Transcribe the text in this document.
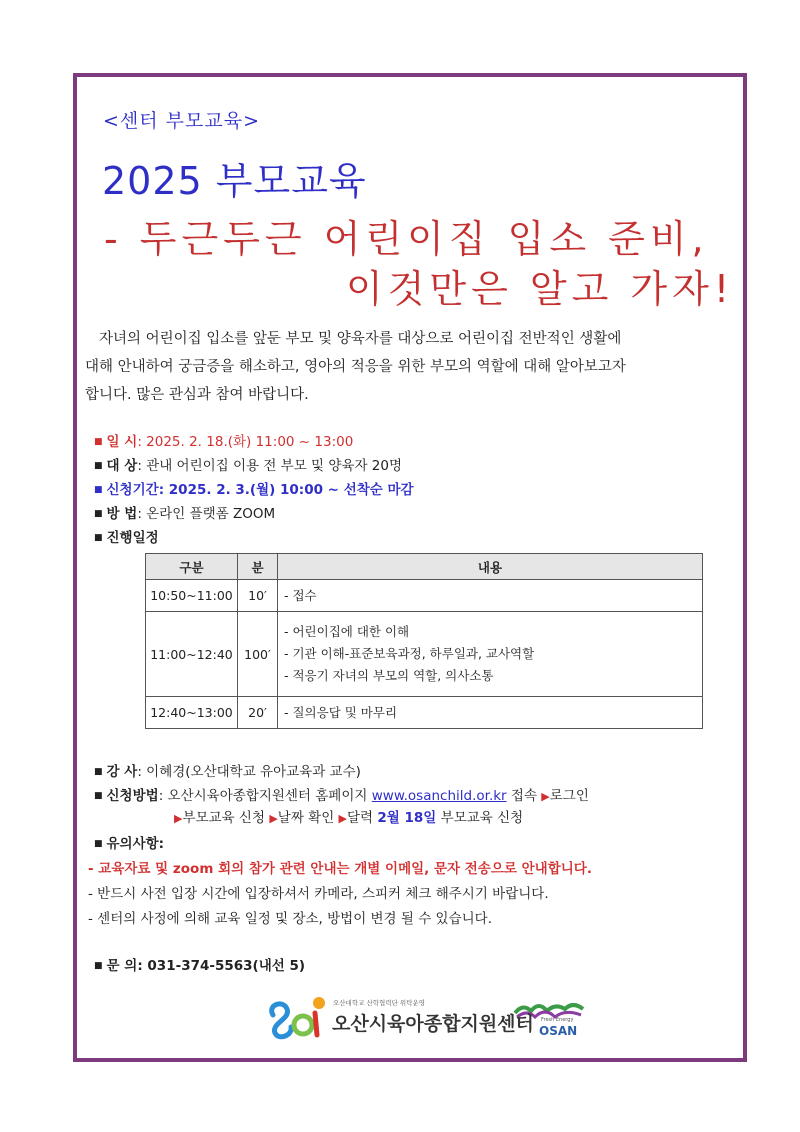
<센터 부모교육>
2025 부모교육
- 두근두근 어린이집 입소 준비,
이것만은 알고 가자!
자녀의 어린이집 입소를 앞둔 부모 및 양육자를 대상으로 어린이집 전반적인 생활에
대해 안내하여 궁금증을 해소하고, 영아의 적응을 위한 부모의 역할에 대해 알아보고자
합니다. 많은 관심과 참여 바랍니다.
■ 일 시: 2025. 2. 18.(화) 11:00 ~ 13:00
■ 대 상: 관내 어린이집 이용 전 부모 및 양육자 20명
■ 신청기간: 2025. 2. 3.(월) 10:00 ~ 선착순 마감
■ 방 법: 온라인 플랫폼 ZOOM
■ 진행일정
구분	분	내용
10:50~11:00	10′	- 접수

11:00~12:40	100′	- 어린이집에 대한 이해
- 기관 이해-표준보육과정, 하루일과, 교사역할
- 적응기 자녀의 부모의 역할, 의사소통

12:40~13:00	20′	- 질의응답 및 마무리
■ 강 사: 이혜경(오산대학교 유아교육과 교수)
■ 신청방법: 오산시육아종합지원센터 홈페이지 www.osanchild.or.kr 접속 ▶로그인
▶부모교육 신청 ▶날짜 확인 ▶달력 2월 18일 부모교육 신청
■ 유의사항:
- 교육자료 및 zoom 회의 참가 관련 안내는 개별 이메일, 문자 전송으로 안내합니다.
- 반드시 사전 입장 시간에 입장하셔서 카메라, 스피커 체크 해주시기 바랍니다.
- 센터의 사정에 의해 교육 일정 및 장소, 방법이 변경 될 수 있습니다.
■ 문 의: 031-374-5563(내선 5)
오산대학교 산학협력단 위탁운영
오산시육아종합지원센터 Fresh Energy
OSAN
